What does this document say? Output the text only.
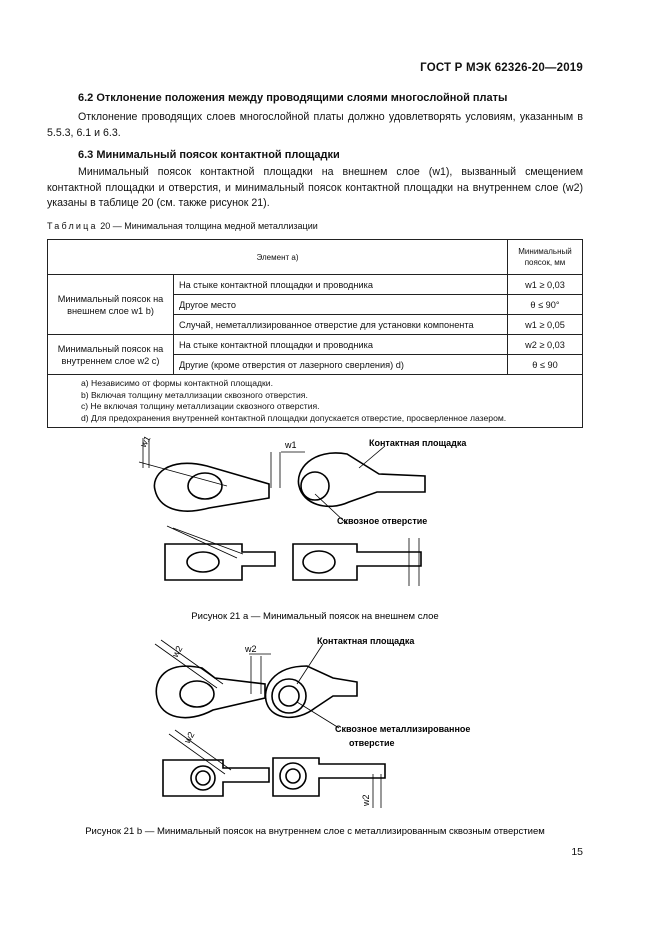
ГОСТ Р МЭК 62326-20—2019
6.2 Отклонение положения между проводящими слоями многослойной платы
Отклонение проводящих слоев многослойной платы должно удовлетворять условиям, указанным в 5.5.3, 6.1 и 6.3.
6.3 Минимальный поясок контактной площадки
Минимальный поясок контактной площадки на внешнем слое (w1), вызванный смещением контактной площадки и отверстия, и минимальный поясок контактной площадки на внутреннем слое (w2) указаны в таблице 20 (см. также рисунок 21).
Таблица 20 — Минимальная толщина медной металлизации
Элемент a)		Минимальный поясок, мм
Минимальный поясок на внешнем слое w1 b)	На стыке контактной площадки и проводника	w1 ≥ 0,03
	Другое место	θ ≤ 90°
	Случай, неметаллизированное отверстие для установки компонента	w1 ≥ 0,05
Минимальный поясок на внутреннем слое w2 c)	На стыке контактной площадки и проводника	w2 ≥ 0,03
	Другие (кроме отверстия от лазерного сверления) d)	θ ≤ 90

a) Независимо от формы контактной площадки.
b) Включая толщину металлизации сквозного отверстия.
c) Не включая толщину металлизации сквозного отверстия.
d) Для предохранения внутренней контактной площадки допускается отверстие, просверленное лазером.		
w1	w1	Контактная площадка
Сквозное отверстие
Рисунок 21 а — Минимальный поясок на внешнем слое
w2	w2
w2
w2
Контактная площадка
Сквозное металлизированное
отверстие
Рисунок 21 b — Минимальный поясок на внутреннем слое с металлизированным сквозным отверстием
15
